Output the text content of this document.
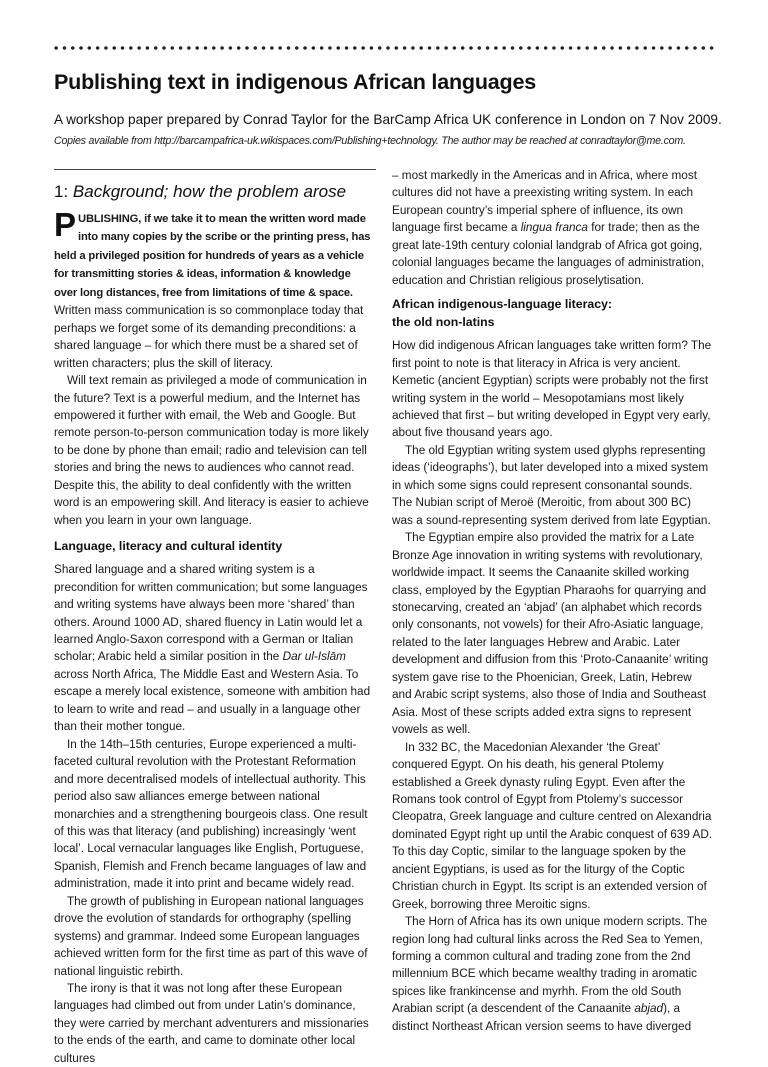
Publishing text in indigenous African languages

A workshop paper prepared by Conrad Taylor for the BarCamp Africa UK conference in London on 7 Nov 2009.

Copies available from http://barcampafrica-uk.wikispaces.com/Publishing+technology. The author may be reached at conradtaylor@me.com.

1: Background; how the problem arose

PUBLISHING, if we take it to mean the written word made into many copies by the scribe or the printing press, has held a privileged position for hundreds of years as a vehicle for transmitting stories & ideas, information & knowledge over long distances, free from limitations of time & space.

Written mass communication is so commonplace today that perhaps we forget some of its demanding preconditions: a shared language – for which there must be a shared set of written characters; plus the skill of literacy.

Will text remain as privileged a mode of communication in the future? Text is a powerful medium, and the Internet has empowered it further with email, the Web and Google. But remote person-to-person communication today is more likely to be done by phone than email; radio and television can tell stories and bring the news to audiences who cannot read. Despite this, the ability to deal confidently with the written word is an empowering skill. And literacy is easier to achieve when you learn in your own language.

Language, literacy and cultural identity

Shared language and a shared writing system is a precondition for written communication; but some languages and writing systems have always been more ‘shared’ than others. Around 1000 AD, shared fluency in Latin would let a learned Anglo-Saxon correspond with a German or Italian scholar; Arabic held a similar position in the Dar ul-Islām across North Africa, The Middle East and Western Asia. To escape a merely local existence, someone with ambition had to learn to write and read – and usually in a language other than their mother tongue.

In the 14th–15th centuries, Europe experienced a multi-faceted cultural revolution with the Protestant Reformation and more decentralised models of intellectual authority. This period also saw alliances emerge between national monarchies and a strengthening bourgeois class. One result of this was that literacy (and publishing) increasingly ‘went local’. Local vernacular languages like English, Portuguese, Spanish, Flemish and French became languages of law and administration, made it into print and became widely read.

The growth of publishing in European national languages drove the evolution of standards for orthography (spelling systems) and grammar. Indeed some European languages achieved written form for the first time as part of this wave of national linguistic rebirth.

The irony is that it was not long after these European languages had climbed out from under Latin’s dominance, they were carried by merchant adventurers and missionaries to the ends of the earth, and came to dominate other local cultures

– most markedly in the Americas and in Africa, where most cultures did not have a preexisting writing system. In each European country’s imperial sphere of influence, its own language first became a lingua franca for trade; then as the great late-19th century colonial landgrab of Africa got going, colonial languages became the languages of administration, education and Christian religious proselytisation.

African indigenous-language literacy:
the old non-latins

How did indigenous African languages take written form? The first point to note is that literacy in Africa is very ancient. Kemetic (ancient Egyptian) scripts were probably not the first writing system in the world – Mesopotamians most likely achieved that first – but writing developed in Egypt very early, about five thousand years ago.

The old Egyptian writing system used glyphs representing ideas (‘ideographs’), but later developed into a mixed system in which some signs could represent consonantal sounds. The Nubian script of Meroë (Meroitic, from about 300 BC) was a sound-representing system derived from late Egyptian.

The Egyptian empire also provided the matrix for a Late Bronze Age innovation in writing systems with revolutionary, worldwide impact. It seems the Canaanite skilled working class, employed by the Egyptian Pharaohs for quarrying and stonecarving, created an ‘abjad’ (an alphabet which records only consonants, not vowels) for their Afro-Asiatic language, related to the later languages Hebrew and Arabic. Later development and diffusion from this ‘Proto-Canaanite’ writing system gave rise to the Phoenician, Greek, Latin, Hebrew and Arabic script systems, also those of India and Southeast Asia. Most of these scripts added extra signs to represent vowels as well.

In 332 BC, the Macedonian Alexander ‘the Great’ conquered Egypt. On his death, his general Ptolemy established a Greek dynasty ruling Egypt. Even after the Romans took control of Egypt from Ptolemy’s successor Cleopatra, Greek language and culture centred on Alexandria dominated Egypt right up until the Arabic conquest of 639 AD. To this day Coptic, similar to the language spoken by the ancient Egyptians, is used as for the liturgy of the Coptic Christian church in Egypt. Its script is an extended version of Greek, borrowing three Meroitic signs.

The Horn of Africa has its own unique modern scripts. The region long had cultural links across the Red Sea to Yemen, forming a common cultural and trading zone from the 2nd millennium BCE which became wealthy trading in aromatic spices like frankincense and myrhh. From the old South Arabian script (a descendent of the Canaanite abjad), a distinct Northeast African version seems to have diverged
